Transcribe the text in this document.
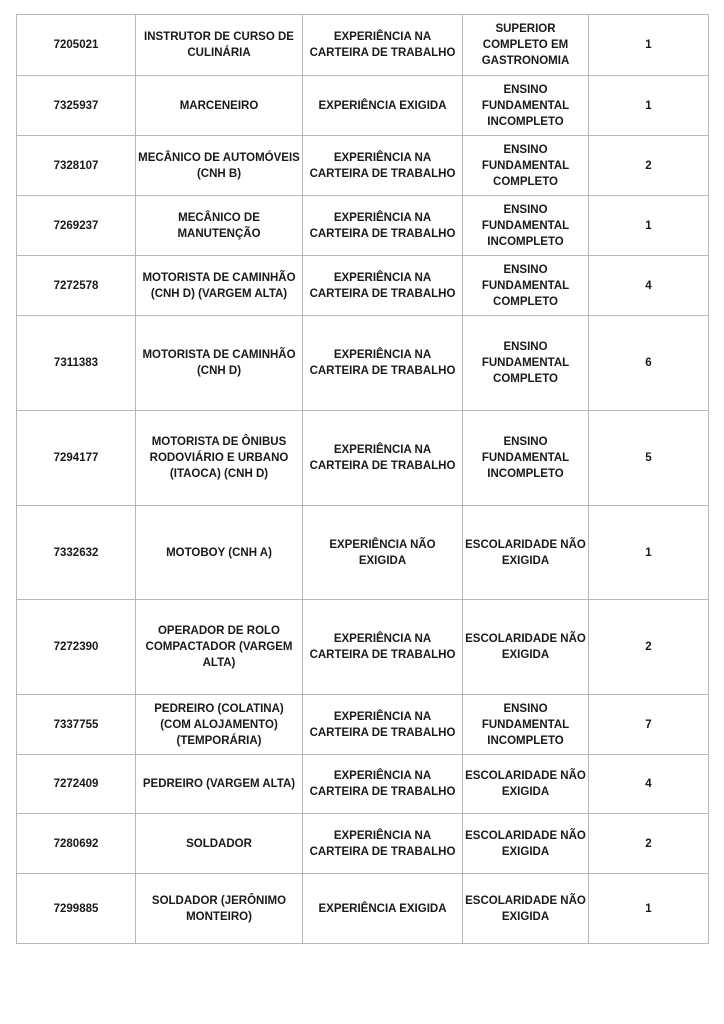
7205021	INSTRUTOR DE CURSO DE CULINÁRIA	EXPERIÊNCIA NA CARTEIRA DE TRABALHO	SUPERIOR COMPLETO EM GASTRONOMIA	1
7325937	MARCENEIRO	EXPERIÊNCIA EXIGIDA	ENSINO FUNDAMENTAL INCOMPLETO	1
7328107	MECÂNICO DE AUTOMÓVEIS (CNH B)	EXPERIÊNCIA NA CARTEIRA DE TRABALHO	ENSINO FUNDAMENTAL COMPLETO	2
7269237	MECÂNICO DE MANUTENÇÃO	EXPERIÊNCIA NA CARTEIRA DE TRABALHO	ENSINO FUNDAMENTAL INCOMPLETO	1
7272578	MOTORISTA DE CAMINHÃO (CNH D) (VARGEM ALTA)	EXPERIÊNCIA NA CARTEIRA DE TRABALHO	ENSINO FUNDAMENTAL COMPLETO	4
7311383	MOTORISTA DE CAMINHÃO (CNH D)	EXPERIÊNCIA NA CARTEIRA DE TRABALHO	ENSINO FUNDAMENTAL COMPLETO	6
7294177	MOTORISTA DE ÔNIBUS RODOVIÁRIO E URBANO (ITAOCA) (CNH D)	EXPERIÊNCIA NA CARTEIRA DE TRABALHO	ENSINO FUNDAMENTAL INCOMPLETO	5
7332632	MOTOBOY (CNH A)	EXPERIÊNCIA NÃO EXIGIDA	ESCOLARIDADE NÃO EXIGIDA	1
7272390	OPERADOR DE ROLO COMPACTADOR (VARGEM ALTA)	EXPERIÊNCIA NA CARTEIRA DE TRABALHO	ESCOLARIDADE NÃO EXIGIDA	2
7337755	PEDREIRO (COLATINA) (COM ALOJAMENTO) (TEMPORÁRIA)	EXPERIÊNCIA NA CARTEIRA DE TRABALHO	ENSINO FUNDAMENTAL INCOMPLETO	7
7272409	PEDREIRO (VARGEM ALTA)	EXPERIÊNCIA NA CARTEIRA DE TRABALHO	ESCOLARIDADE NÃO EXIGIDA	4
7280692	SOLDADOR	EXPERIÊNCIA NA CARTEIRA DE TRABALHO	ESCOLARIDADE NÃO EXIGIDA	2
7299885	SOLDADOR (JERÔNIMO MONTEIRO)	EXPERIÊNCIA EXIGIDA	ESCOLARIDADE NÃO EXIGIDA	1
